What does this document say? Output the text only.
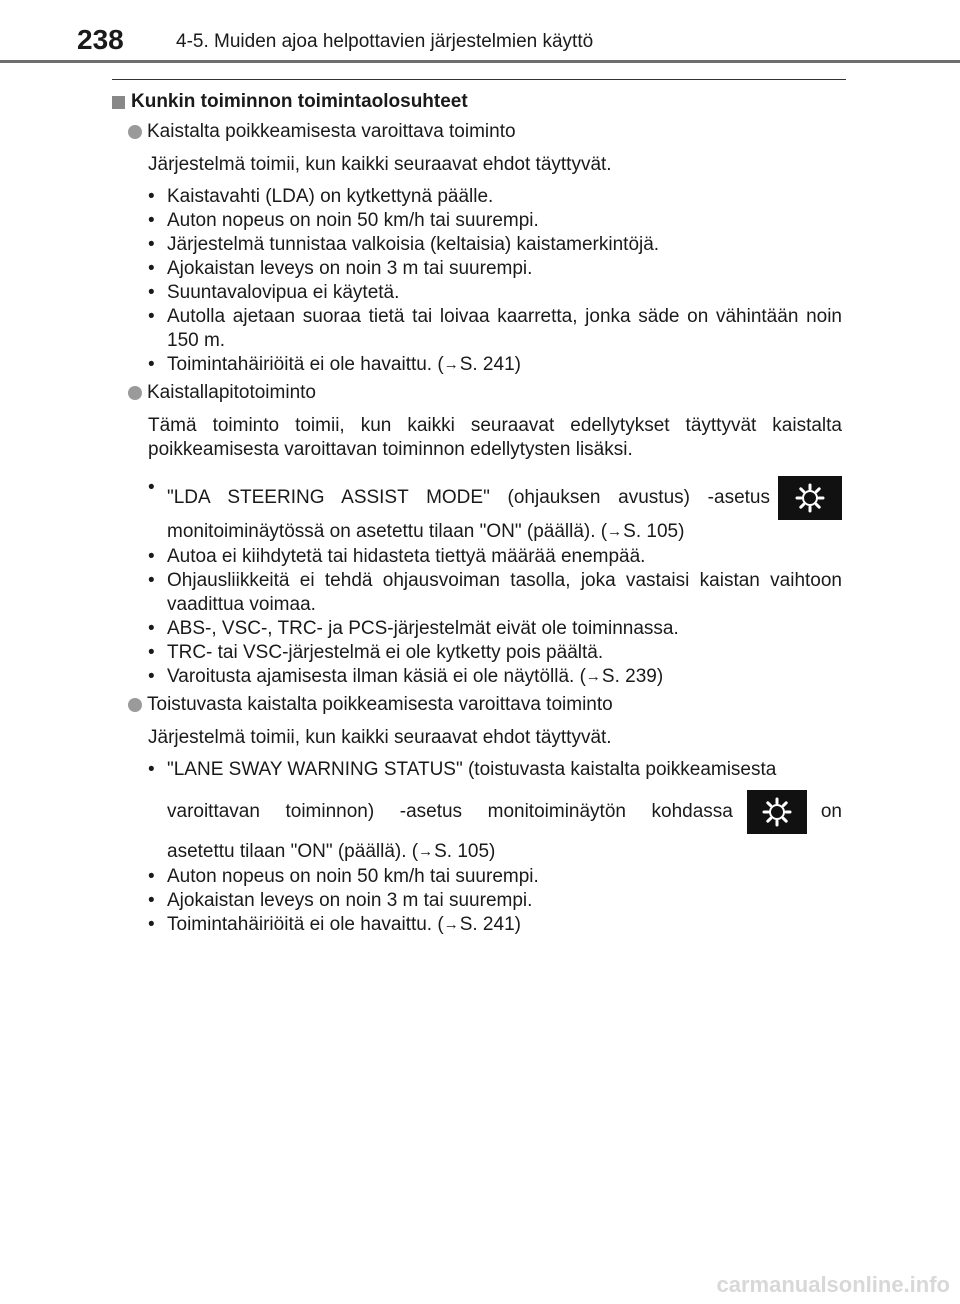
238	4-5. Muiden ajoa helpottavien järjestelmien käyttö
Kunkin toiminnon toimintaolosuhteet
Kaistalta poikkeamisesta varoittava toiminto
Järjestelmä toimii, kun kaikki seuraavat ehdot täyttyvät.
• Kaistavahti (LDA) on kytkettynä päälle.
• Auton nopeus on noin 50 km/h tai suurempi.
• Järjestelmä tunnistaa valkoisia (keltaisia) kaistamerkintöjä.
• Ajokaistan leveys on noin 3 m tai suurempi.
• Suuntavalovipua ei käytetä.
• Autolla ajetaan suoraa tietä tai loivaa kaarretta, jonka säde on vähintään noin 150 m.
• Toimintahäiriöitä ei ole havaittu. (→S. 241)
Kaistallapitotoiminto
Tämä toiminto toimii, kun kaikki seuraavat edellytykset täyttyvät kaistalta poikkeamisesta varoittavan toiminnon edellytysten lisäksi.
• "LDA STEERING ASSIST MODE" (ohjauksen avustus) -asetus
monitoiminäytössä on asetettu tilaan "ON" (päällä). (→S. 105)
• Autoa ei kiihdytetä tai hidasteta tiettyä määrää enempää.
• Ohjausliikkeitä ei tehdä ohjausvoiman tasolla, joka vastaisi kaistan vaihtoon vaadittua voimaa.
• ABS-, VSC-, TRC- ja PCS-järjestelmät eivät ole toiminnassa.
• TRC- tai VSC-järjestelmä ei ole kytketty pois päältä.
• Varoitusta ajamisesta ilman käsiä ei ole näytöllä. (→S. 239)
Toistuvasta kaistalta poikkeamisesta varoittava toiminto
Järjestelmä toimii, kun kaikki seuraavat ehdot täyttyvät.
• "LANE SWAY WARNING STATUS" (toistuvasta kaistalta poikkeamisesta
varoittavan toiminnon) -asetus monitoiminäytön kohdassa	on
asetettu tilaan "ON" (päällä). (→S. 105)
• Auton nopeus on noin 50 km/h tai suurempi.
• Ajokaistan leveys on noin 3 m tai suurempi.
• Toimintahäiriöitä ei ole havaittu. (→S. 241)
carmanualsonline.info
